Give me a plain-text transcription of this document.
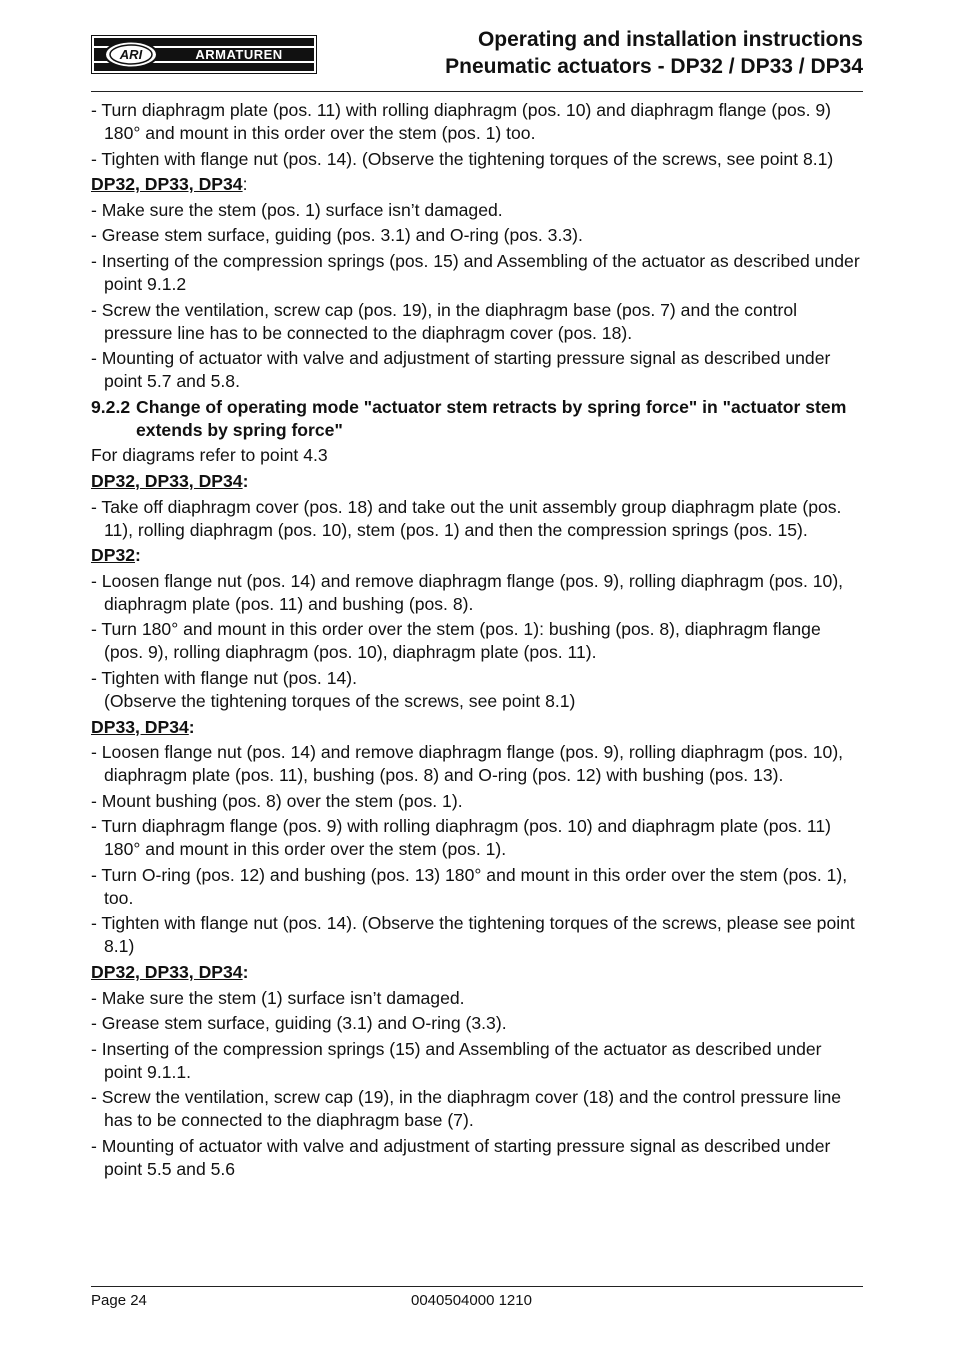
ARI	ARMATUREN
Operating and installation instructions
Pneumatic actuators - DP32 / DP33 / DP34
- Turn diaphragm plate (pos. 11) with rolling diaphragm (pos. 10) and diaphragm flange (pos. 9) 180° and mount in this order over the stem (pos. 1) too.
- Tighten with flange nut (pos. 14). (Observe the tightening torques of the screws, see point 8.1)
DP32, DP33, DP34:
- Make sure the stem (pos. 1) surface isn’t damaged.
- Grease stem surface, guiding (pos. 3.1) and O-ring (pos. 3.3).
- Inserting of the compression springs (pos. 15) and Assembling of the actuator as described under point 9.1.2
- Screw the ventilation, screw cap (pos. 19), in the diaphragm base (pos. 7) and the control pressure line has to be connected to the diaphragm cover (pos. 18).
- Mounting of actuator with valve and adjustment of starting pressure signal as described under point 5.7 and 5.8.
9.2.2 Change of operating mode "actuator stem retracts by spring force" in "actuator stem extends by spring force"
For diagrams refer to point 4.3
DP32, DP33, DP34:
- Take off diaphragm cover (pos. 18) and take out the unit assembly group diaphragm plate (pos. 11), rolling diaphragm (pos. 10), stem (pos. 1) and then the compression springs (pos. 15).
DP32:
- Loosen flange nut (pos. 14) and remove diaphragm flange (pos. 9), rolling diaphragm (pos. 10), diaphragm plate (pos. 11) and bushing (pos. 8).
- Turn 180° and mount in this order over the stem (pos. 1): bushing (pos. 8), diaphragm flange (pos. 9), rolling diaphragm (pos. 10), diaphragm plate (pos. 11).
- Tighten with flange nut (pos. 14).
(Observe the tightening torques of the screws, see point 8.1)
DP33, DP34:
- Loosen flange nut (pos. 14) and remove diaphragm flange (pos. 9), rolling diaphragm (pos. 10), diaphragm plate (pos. 11), bushing (pos. 8) and O-ring (pos. 12) with bushing (pos. 13).
- Mount bushing (pos. 8) over the stem (pos. 1).
- Turn diaphragm flange (pos. 9) with rolling diaphragm (pos. 10) and diaphragm plate (pos. 11) 180° and mount in this order over the stem (pos. 1).
- Turn O-ring (pos. 12) and bushing (pos. 13) 180° and mount in this order over the stem (pos. 1), too.
- Tighten with flange nut (pos. 14). (Observe the tightening torques of the screws, please see point 8.1)
DP32, DP33, DP34:
- Make sure the stem (1) surface isn’t damaged.
- Grease stem surface, guiding (3.1) and O-ring (3.3).
- Inserting of the compression springs (15) and Assembling of the actuator as described under point 9.1.1.
- Screw the ventilation, screw cap (19), in the diaphragm cover (18) and the control pressure line has to be connected to the diaphragm base (7).
- Mounting of actuator with valve and adjustment of starting pressure signal as described under point 5.5 and 5.6
Page 24	0040504000 1210
